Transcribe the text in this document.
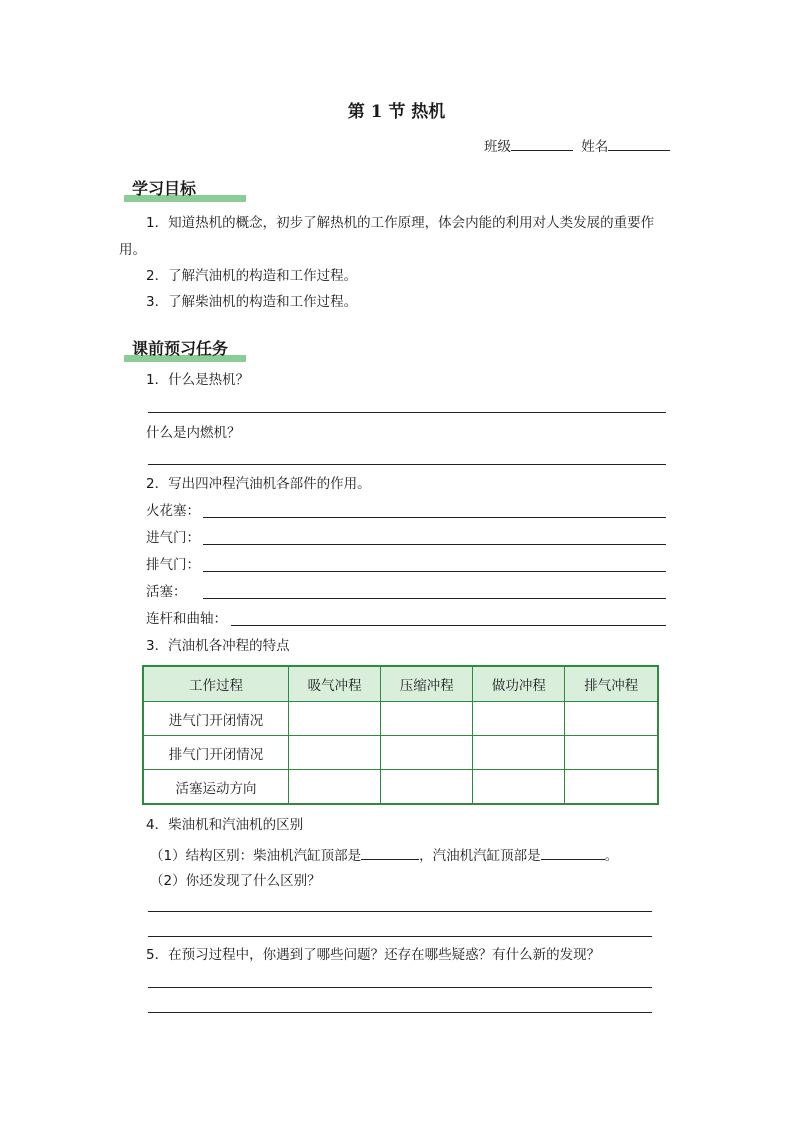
第 1 节 热机
班级	姓名
学习目标
1．知道热机的概念，初步了解热机的工作原理，体会内能的利用对人类发展的重要作
用。
2．了解汽油机的构造和工作过程。
3．了解柴油机的构造和工作过程。
课前预习任务
1．什么是热机？
什么是内燃机？
2．写出四冲程汽油机各部件的作用。
火花塞：
进气门：
排气门：
活塞：
连杆和曲轴：
3．汽油机各冲程的特点
工作过程	吸气冲程	压缩冲程	做功冲程	排气冲程
进气门开闭情况				
排气门开闭情况				
活塞运动方向				
4．柴油机和汽油机的区别
（1）结构区别：柴油机汽缸顶部是	，汽油机汽缸顶部是	。
（2）你还发现了什么区别？
5．在预习过程中，你遇到了哪些问题？还存在哪些疑惑？有什么新的发现？
